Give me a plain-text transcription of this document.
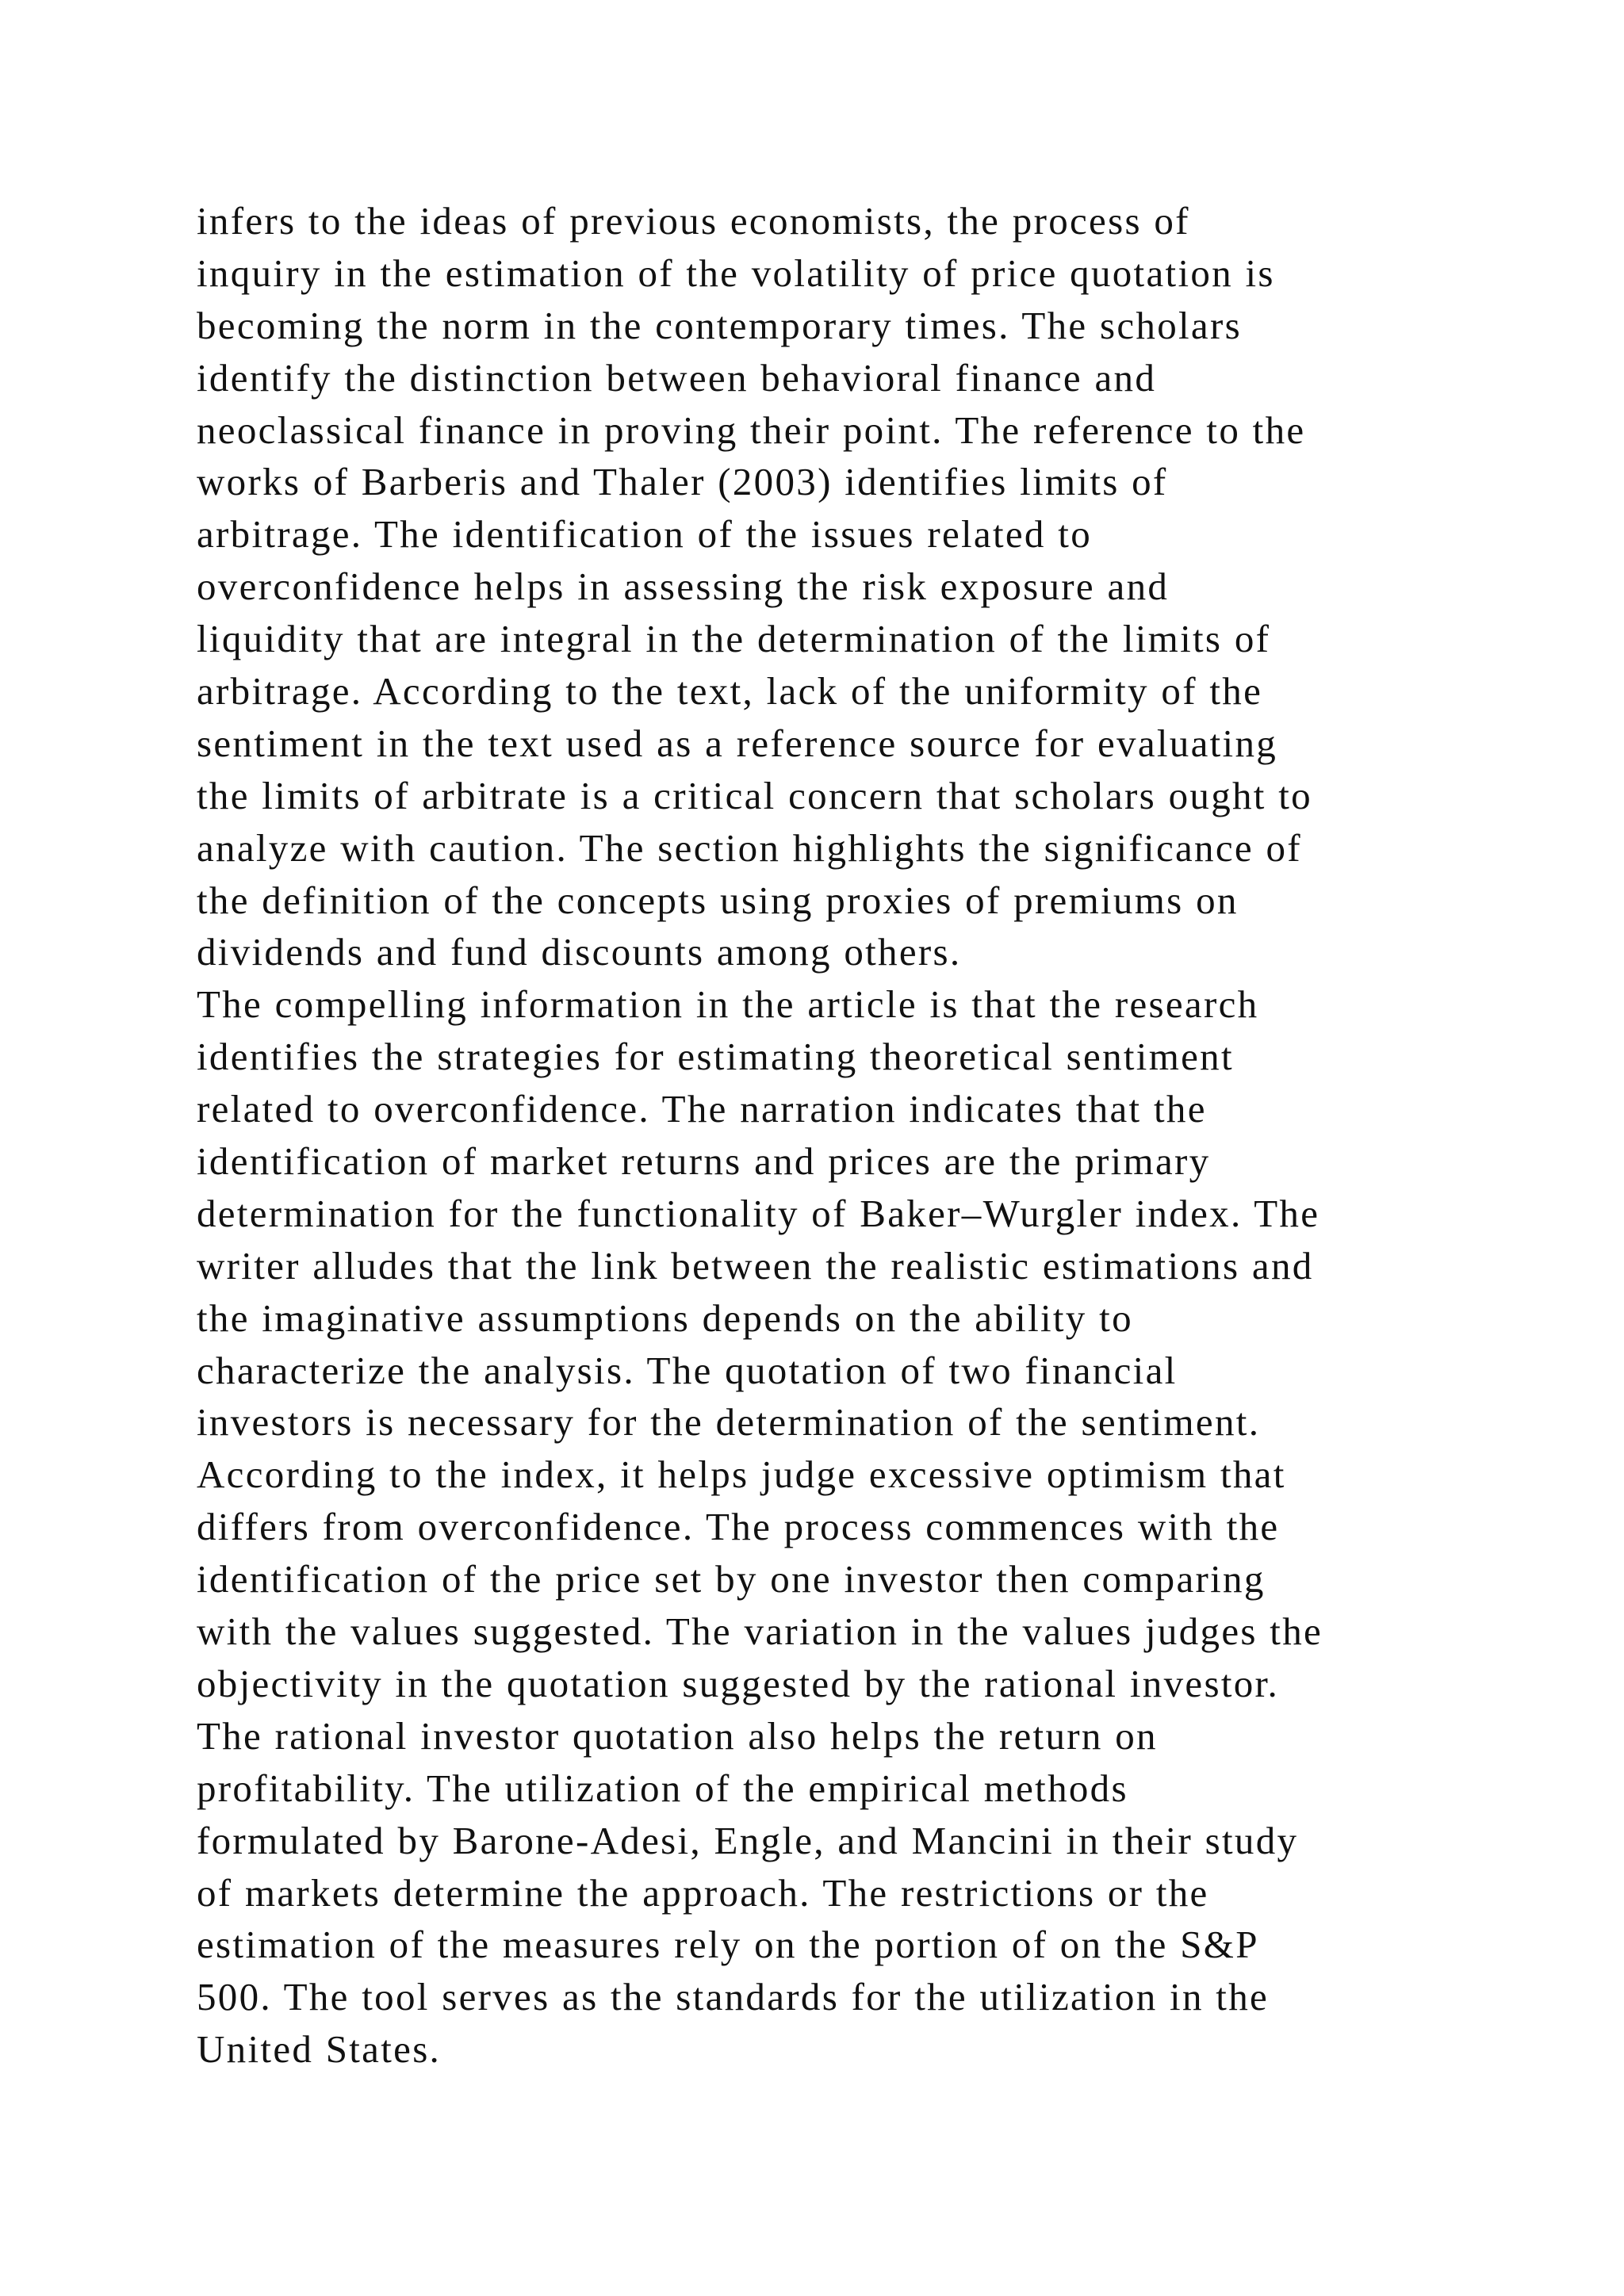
infers to the ideas of previous economists, the process of
inquiry in the estimation of the volatility of price quotation is
becoming the norm in the contemporary times. The scholars
identify the distinction between behavioral finance and
neoclassical finance in proving their point. The reference to the
works of Barberis and Thaler (2003) identifies limits of
arbitrage. The identification of the issues related to
overconfidence helps in assessing the risk exposure and
liquidity that are integral in the determination of the limits of
arbitrage. According to the text, lack of the uniformity of the
sentiment in the text used as a reference source for evaluating
the limits of arbitrate is a critical concern that scholars ought to
analyze with caution. The section highlights the significance of
the definition of the concepts using proxies of premiums on
dividends and fund discounts among others.
The compelling information in the article is that the research
identifies the strategies for estimating theoretical sentiment
related to overconfidence. The narration indicates that the
identification of market returns and prices are the primary
determination for the functionality of Baker–Wurgler index. The
writer alludes that the link between the realistic estimations and
the imaginative assumptions depends on the ability to
characterize the analysis. The quotation of two financial
investors is necessary for the determination of the sentiment.
According to the index, it helps judge excessive optimism that
differs from overconfidence. The process commences with the
identification of the price set by one investor then comparing
with the values suggested. The variation in the values judges the
objectivity in the quotation suggested by the rational investor.
The rational investor quotation also helps the return on
profitability. The utilization of the empirical methods
formulated by Barone-Adesi, Engle, and Mancini in their study
of markets determine the approach. The restrictions or the
estimation of the measures rely on the portion of on the S&P
500. The tool serves as the standards for the utilization in the
United States.
